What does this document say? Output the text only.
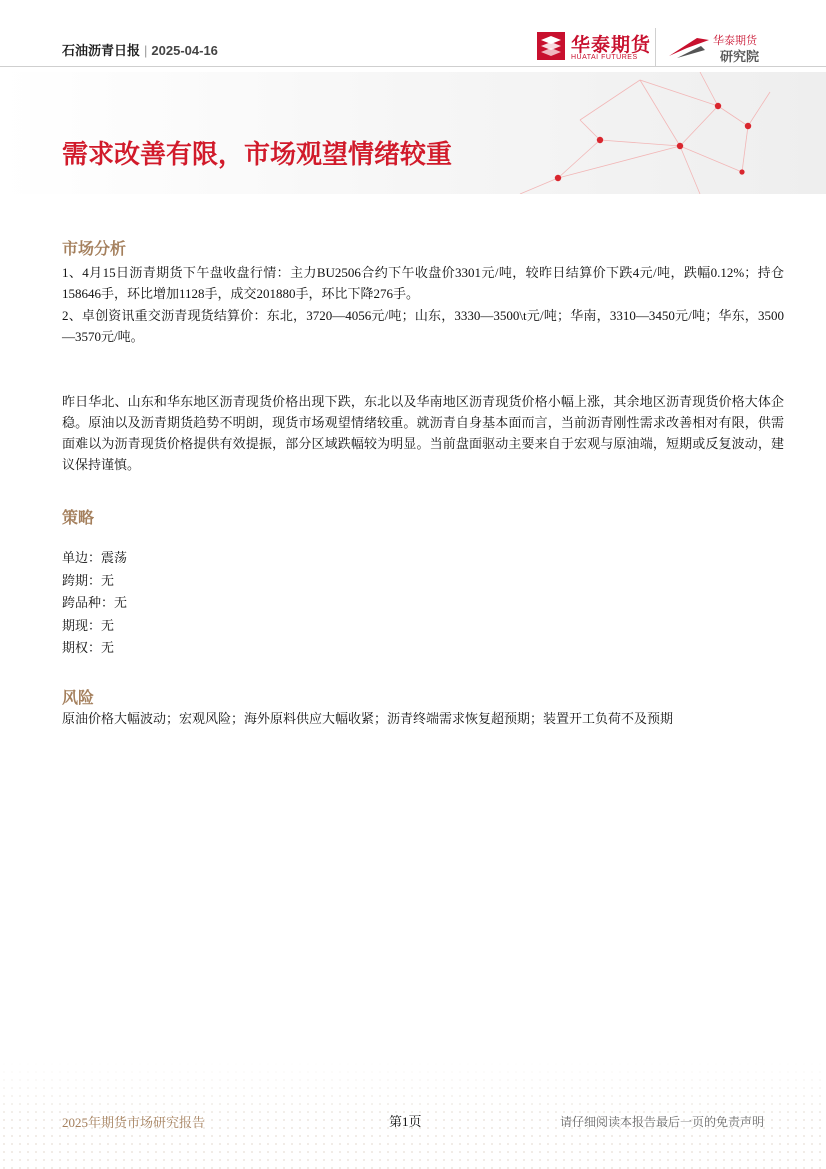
石油沥青日报 | 2025-04-16	华泰期货
HUATAI FUTURES
华泰期货
研究院
需求改善有限，市场观望情绪较重
市场分析
1、4月15日沥青期货下午盘收盘行情：主力BU2506合约下午收盘价3301元/吨，较昨日结算价下跌4元/吨，跌幅0.12%；持仓158646手，环比增加1128手，成交201880手，环比下降276手。
2、卓创资讯重交沥青现货结算价：东北，3720—4056元/吨；山东，3330—3500\t元/吨；华南，3310—3450元/吨；华东，3500—3570元/吨。
昨日华北、山东和华东地区沥青现货价格出现下跌，东北以及华南地区沥青现货价格小幅上涨，其余地区沥青现货价格大体企稳。原油以及沥青期货趋势不明朗，现货市场观望情绪较重。就沥青自身基本面而言，当前沥青刚性需求改善相对有限，供需面难以为沥青现货价格提供有效提振，部分区域跌幅较为明显。当前盘面驱动主要来自于宏观与原油端，短期或反复波动，建议保持谨慎。
策略
单边：震荡
跨期：无
跨品种：无
期现：无
期权：无
风险
原油价格大幅波动；宏观风险；海外原料供应大幅收紧；沥青终端需求恢复超预期；装置开工负荷不及预期
2025年期货市场研究报告	第1页	请仔细阅读本报告最后一页的免责声明
